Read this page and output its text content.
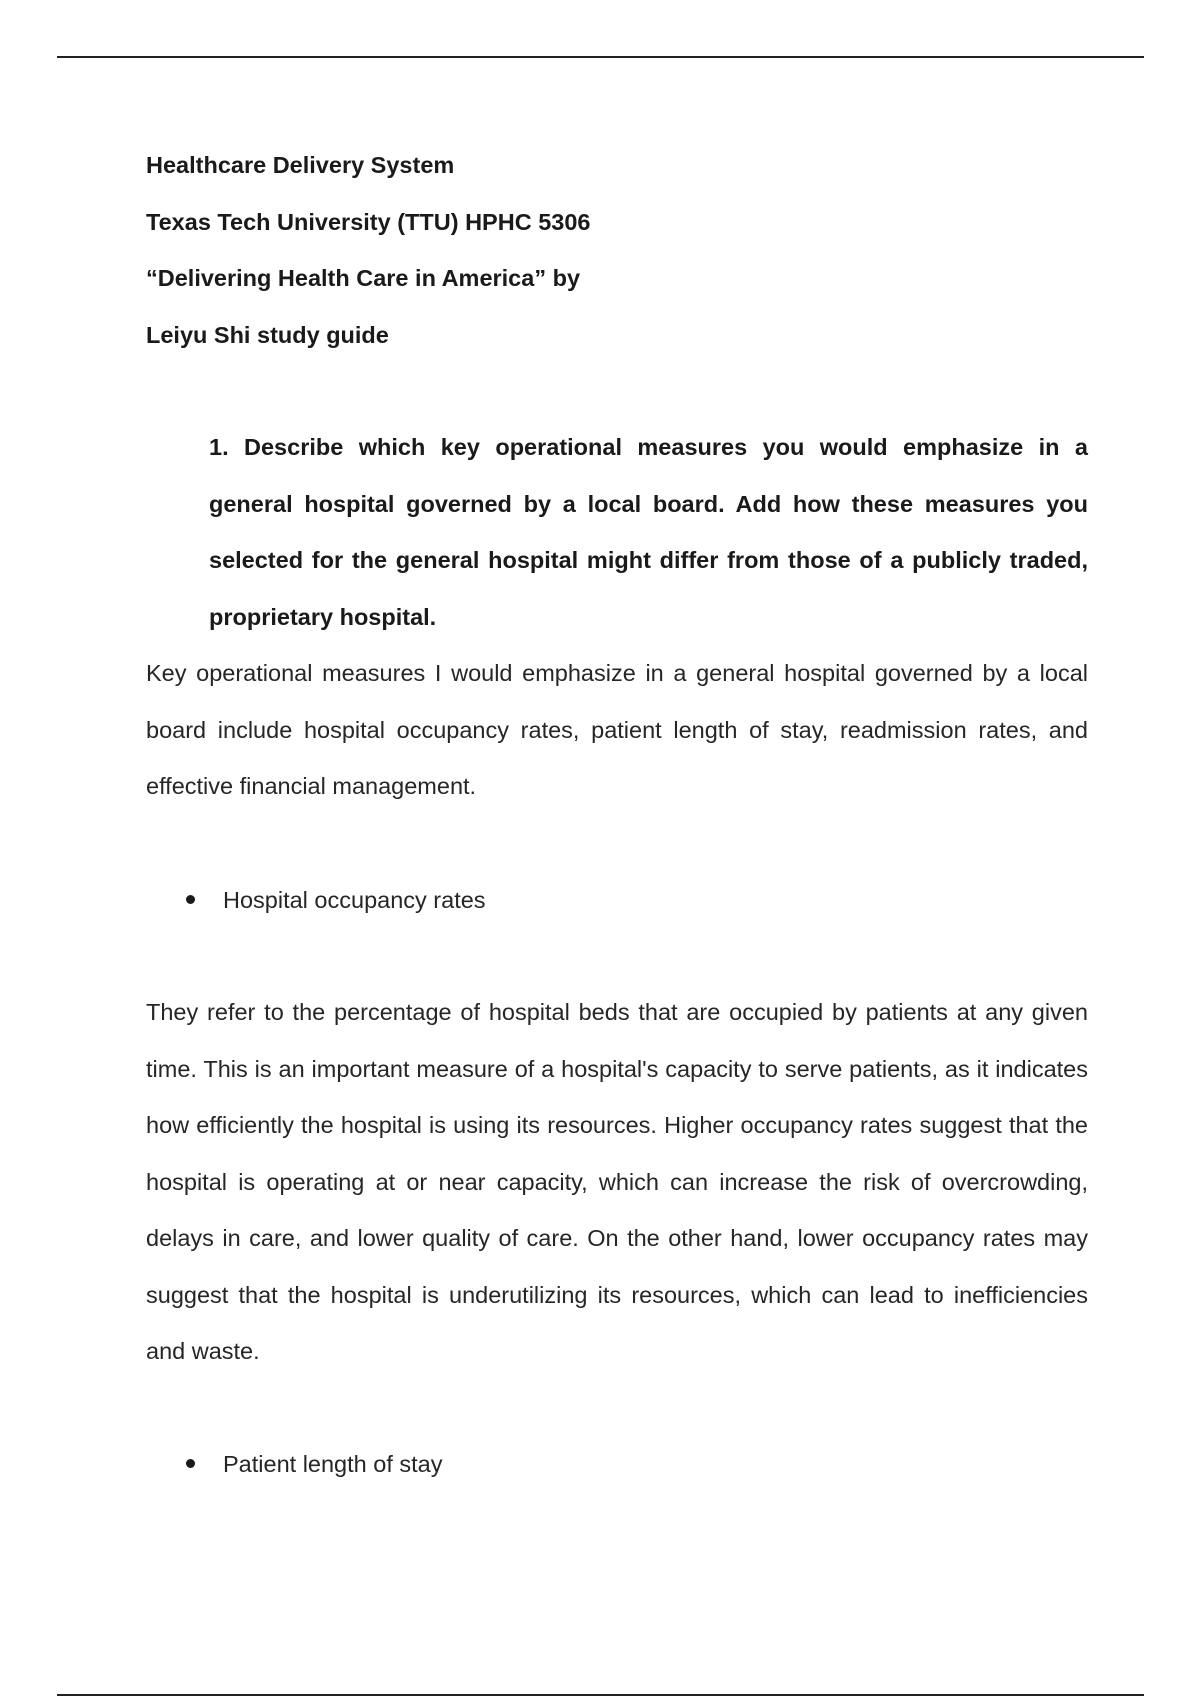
Healthcare Delivery System

Texas Tech University (TTU) HPHC 5306

“Delivering Health Care in America” by

Leiyu Shi study guide

1. Describe which key operational measures you would emphasize in a general hospital governed by a local board. Add how these measures you selected for the general hospital might differ from those of a publicly traded, proprietary hospital.

Key operational measures I would emphasize in a general hospital governed by a local board include hospital occupancy rates, patient length of stay, readmission rates, and effective financial management.

Hospital occupancy rates

They refer to the percentage of hospital beds that are occupied by patients at any given time. This is an important measure of a hospital's capacity to serve patients, as it indicates how efficiently the hospital is using its resources. Higher occupancy rates suggest that the hospital is operating at or near capacity, which can increase the risk of overcrowding, delays in care, and lower quality of care. On the other hand, lower occupancy rates may suggest that the hospital is underutilizing its resources, which can lead to inefficiencies and waste.

Patient length of stay
